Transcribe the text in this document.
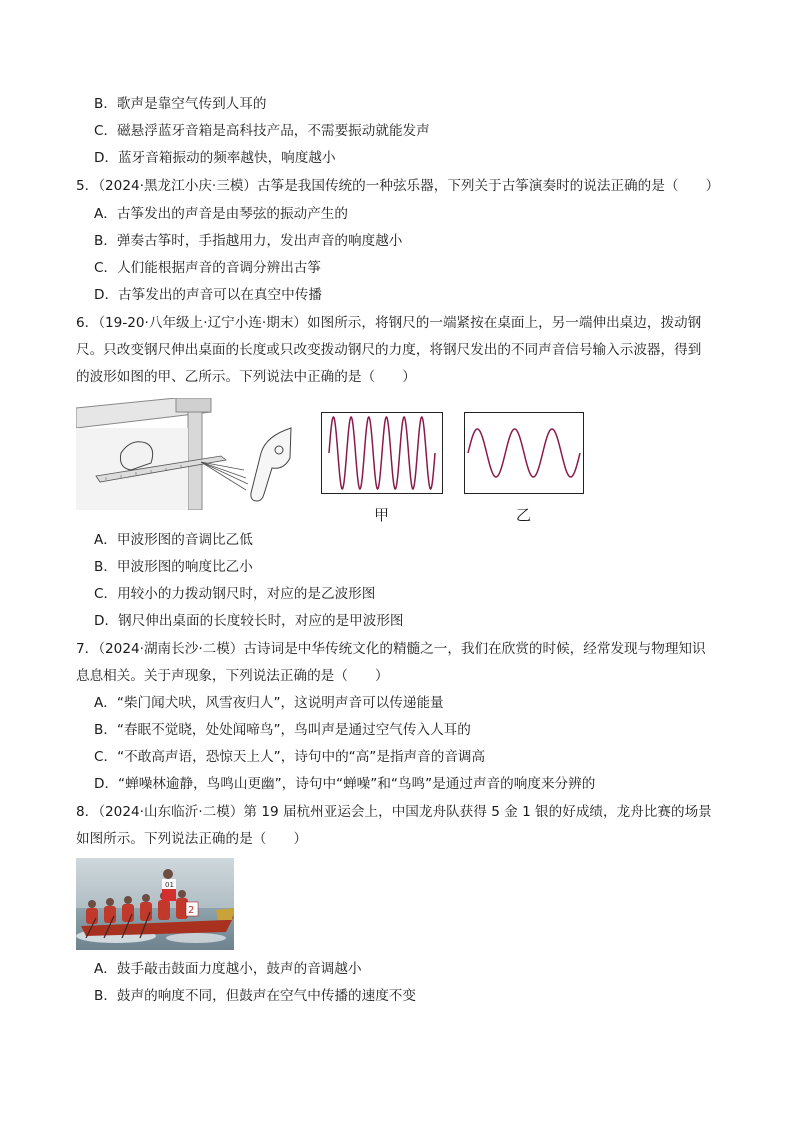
B．歌声是靠空气传到人耳的
C．磁悬浮蓝牙音箱是高科技产品，不需要振动就能发声
D．蓝牙音箱振动的频率越快，响度越小
5．（2024·黑龙江小庆·三模）古筝是我国传统的一种弦乐器，下列关于古筝演奏时的说法正确的是（　　）
A．古筝发出的声音是由琴弦的振动产生的
B．弹奏古筝时，手指越用力，发出声音的响度越小
C．人们能根据声音的音调分辨出古筝
D．古筝发出的声音可以在真空中传播
6．（19-20·八年级上·辽宁小连·期末）如图所示，将钢尺的一端紧按在桌面上，另一端伸出桌边，拨动钢
尺。只改变钢尺伸出桌面的长度或只改变拨动钢尺的力度，将钢尺发出的不同声音信号输入示波器，得到
的波形如图的甲、乙所示。下列说法中正确的是（　　）
甲	乙
A．甲波形图的音调比乙低
B．甲波形图的响度比乙小
C．用较小的力拨动钢尺时，对应的是乙波形图
D．钢尺伸出桌面的长度较长时，对应的是甲波形图
7．（2024·湖南长沙·二模）古诗词是中华传统文化的精髓之一，我们在欣赏的时候，经常发现与物理知识
息息相关。关于声现象，下列说法正确的是（　　）
A．“柴门闻犬吠，风雪夜归人”，这说明声音可以传递能量
B．“春眠不觉晓，处处闻啼鸟”，鸟叫声是通过空气传入人耳的
C．“不敢高声语，恐惊天上人”，诗句中的“高”是指声音的音调高
D．“蝉噪林逾静，鸟鸣山更幽”，诗句中“蝉噪”和“鸟鸣”是通过声音的响度来分辨的
8．（2024·山东临沂·二模）第 19 届杭州亚运会上，中国龙舟队获得 5 金 1 银的好成绩，龙舟比赛的场景
如图所示。下列说法正确的是（　　）
01
2
A．鼓手敲击鼓面力度越小，鼓声的音调越小
B．鼓声的响度不同，但鼓声在空气中传播的速度不变
